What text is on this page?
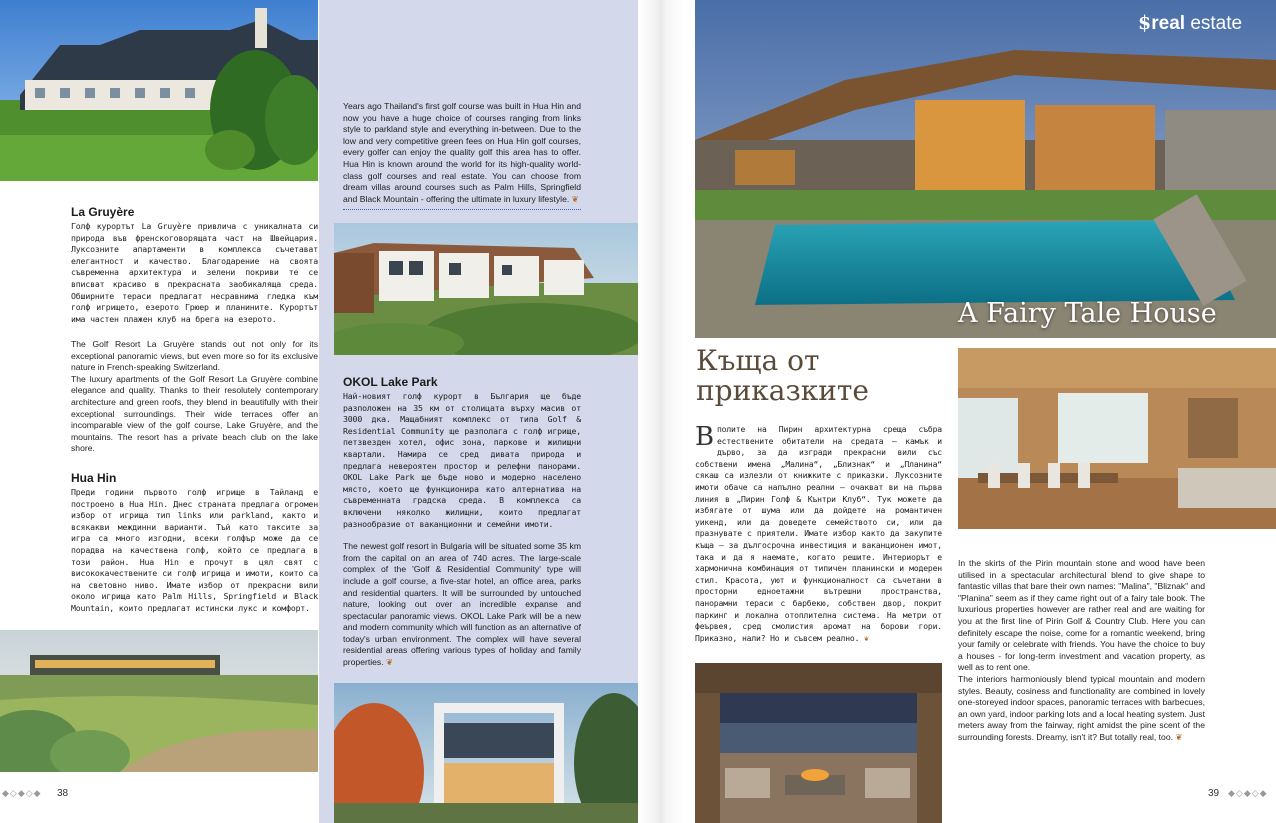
La Gruyère

Голф курортът La Gruyère привлича с уникалната си природа във френскоговорящата част на Швейцария. Луксозните апартаменти в комплекса съчетават елегантност и качество. Благодарение на своята съвременна архитектура и зелени покриви те се вписват красиво в прекрасната заобикаляща среда. Обширните тераси предлагат несравнима гледка към голф игрището, езерото Грюер и планините. Курортът има частен плажен клуб на брега на езерото.

The Golf Resort La Gruyère stands out not only for its exceptional panoramic views, but even more so for its exclusive nature in French-speaking Switzerland.

The luxury apartments of the Golf Resort La Gruyère combine elegance and quality. Thanks to their resolutely contemporary architecture and green roofs, they blend in beautifully with their exceptional surroundings. Their wide terraces offer an incomparable view of the golf course, Lake Gruyère, and the mountains. The resort has a private beach club on the lake shore.

Hua Hin

Преди години първото голф игрище в Тайланд е построено в Hua Hin. Днес страната предлага огромен избор от игрища тип links или parkland, както и всякакви междинни варианти. Тъй като таксите за игра са много изгодни, всеки голфър може да се порадва на качествена голф, който се предлага в този район. Hua Hin е прочут в цял свят с висококачествените си голф игрища и имоти, които са на световно ниво. Имате избор от прекрасни вили около игрища като Palm Hills, Springfield и Black Mountain, които предлагат истински лукс и комфорт.

38
◆◇◆◇◆

Years ago Thailand's first golf course was built in Hua Hin and now you have a huge choice of courses ranging from links style to parkland style and everything in-between. Due to the low and very competitive green fees on Hua Hin golf courses, every golfer can enjoy the quality golf this area has to offer. Hua Hin is known around the world for its high-quality world-class golf courses and real estate. You can choose from dream villas around courses such as Palm Hills, Springfield and Black Mountain - offering the ultimate in luxury lifestyle. ❦

OKOL Lake Park

Най-новият голф курорт в България ще бъде разположен на 35 км от столицата върху масив от 3000 дка. Мащабният комплекс от типа Golf & Residential Community ще разполага с голф игрище, петзвезден хотел, офис зона, паркове и жилищни квартали. Намира се сред дивата природа и предлага невероятен простор и релефни панорами. OKOL Lake Park ще бъде ново и модерно населено място, което ще функционира като алтернатива на съвременната градска среда. В комплекса са включени няколко жилищни, които предлагат разнообразие от ваканционни и семейни имоти.

The newest golf resort in Bulgaria will be situated some 35 km from the capital on an area of 740 acres. The large-scale complex of the 'Golf & Residential Community' type will include a golf course, a five-star hotel, an office area, parks and residential quarters. It will be surrounded by untouched nature, looking out over an incredible expanse and spectacular panoramic views. OKOL Lake Park will be a new and modern community which will function as an alternative of today's urban environment. The complex will have several residential areas offering various types of holiday and family properties. ❦

$real estate
A Fairy Tale House
Къща от
приказките

Вполите на Пирин архитектурна среща събра естествените обитатели на средата – камък и дърво, за да изгради прекрасни вили със собствени имена „Малина“, „Близнак“ и „Планина“ сякаш са излезли от книжките с приказки. Луксозните имоти обаче са напълно реални – очакват ви на първа линия в „Пирин Голф & Кънтри Клуб“. Тук можете да избягате от шума или да дойдете на романтичен уикенд, или да доведете семейството си, или да празнувате с приятели. Имате избор както да закупите къща – за дългосрочна инвестиция и ваканционен имот, така и да я наемате, когато решите. Интериорът е хармонична комбинация от типичен планински и модерен стил. Красота, уют и функционалност са съчетани в просторни едноетажни вътрешни пространства, панорамни тераси с барбекю, собствен двор, покрит паркинг и локална отоплителна система. На метри от феървея, сред смолистия аромат на борови гори. Приказно, нали? Но и съвсем реално. ❦

In the skirts of the Pirin mountain stone and wood have been utilised in a spectacular architectural blend to give shape to fantastic villas that bare their own names: "Malina", "Bliznak" and "Planina" seem as if they came right out of a fairy tale book. The luxurious properties however are rather real and are waiting for you at the first line of Pirin Golf & Country Club. Here you can definitely escape the noise, come for a romantic weekend, bring your family or celebrate with friends. You have the choice to buy a houses - for long-term investment and vacation property, as well as to rent one.

The interiors harmoniously blend typical mountain and modern styles. Beauty, cosiness and functionality are combined in lovely one-storeyed indoor spaces, panoramic terraces with barbecues, an own yard, indoor parking lots and a local heating system. Just meters away from the fairway, right amidst the pine scent of the surrounding forests. Dreamy, isn't it? But totally real, too. ❦

39 ◆◇◆◇◆
